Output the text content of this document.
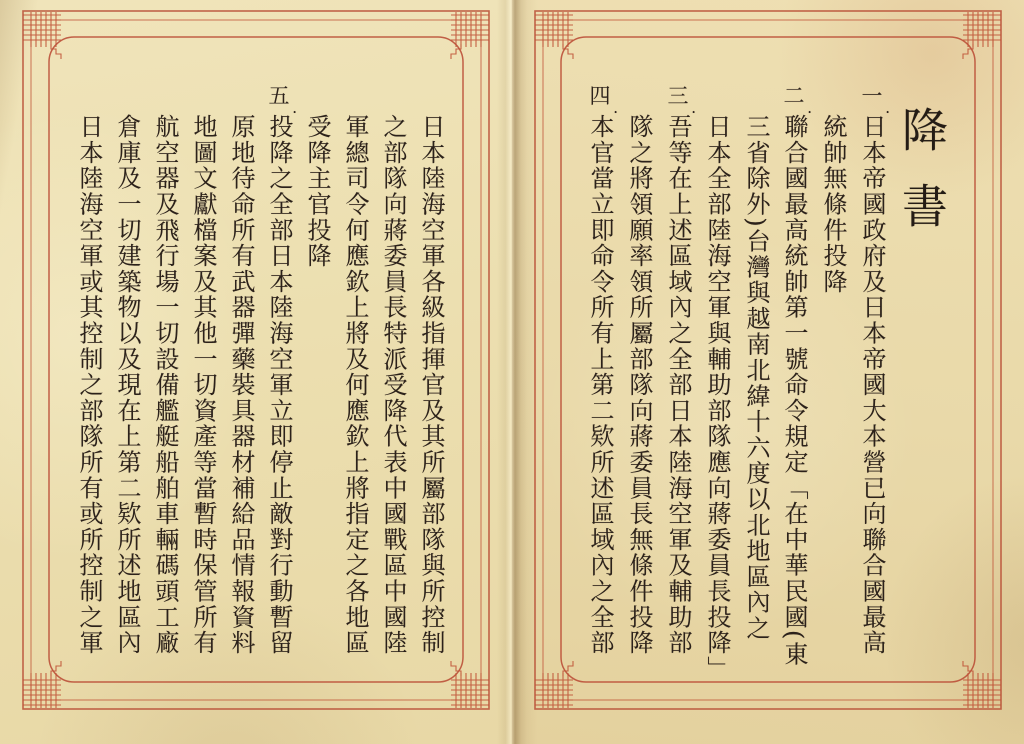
五 .
日本陸海空軍各級指揮官及其所屬部隊與所控制
之部隊向蔣委員長特派受降代表中國戰區中國陸
軍總司令何應欽上將及何應欽上將指定之各地區
受降主官投降
投降之全部日本陸海空軍立即停止敵對行動暫留
原地待命所有武器彈藥裝具器材補給品情報資料
地圖文獻檔案及其他一切資產等當暫時保管所有
航空器及飛行場一切設備艦艇船舶車輛碼頭工廠
倉庫及一切建築物以及現在上第二欵所述地區內
日本陸海空軍或其控制之部隊所有或所控制之軍	降書
一 .
二 .
三 .
四 .
日本帝國政府及日本帝國大本營已向聯合國最高
統帥無條件投降
聯合國最高統帥第一號命令規定「在中華民國(東
三省除外)台灣與越南北緯十六度以北地區內之
日本全部陸海空軍與輔助部隊應向蔣委員長投降」
吾等在上述區域內之全部日本陸海空軍及輔助部
隊之將領願率領所屬部隊向蔣委員長無條件投降
本官當立即命令所有上第二欵所述區域內之全部
